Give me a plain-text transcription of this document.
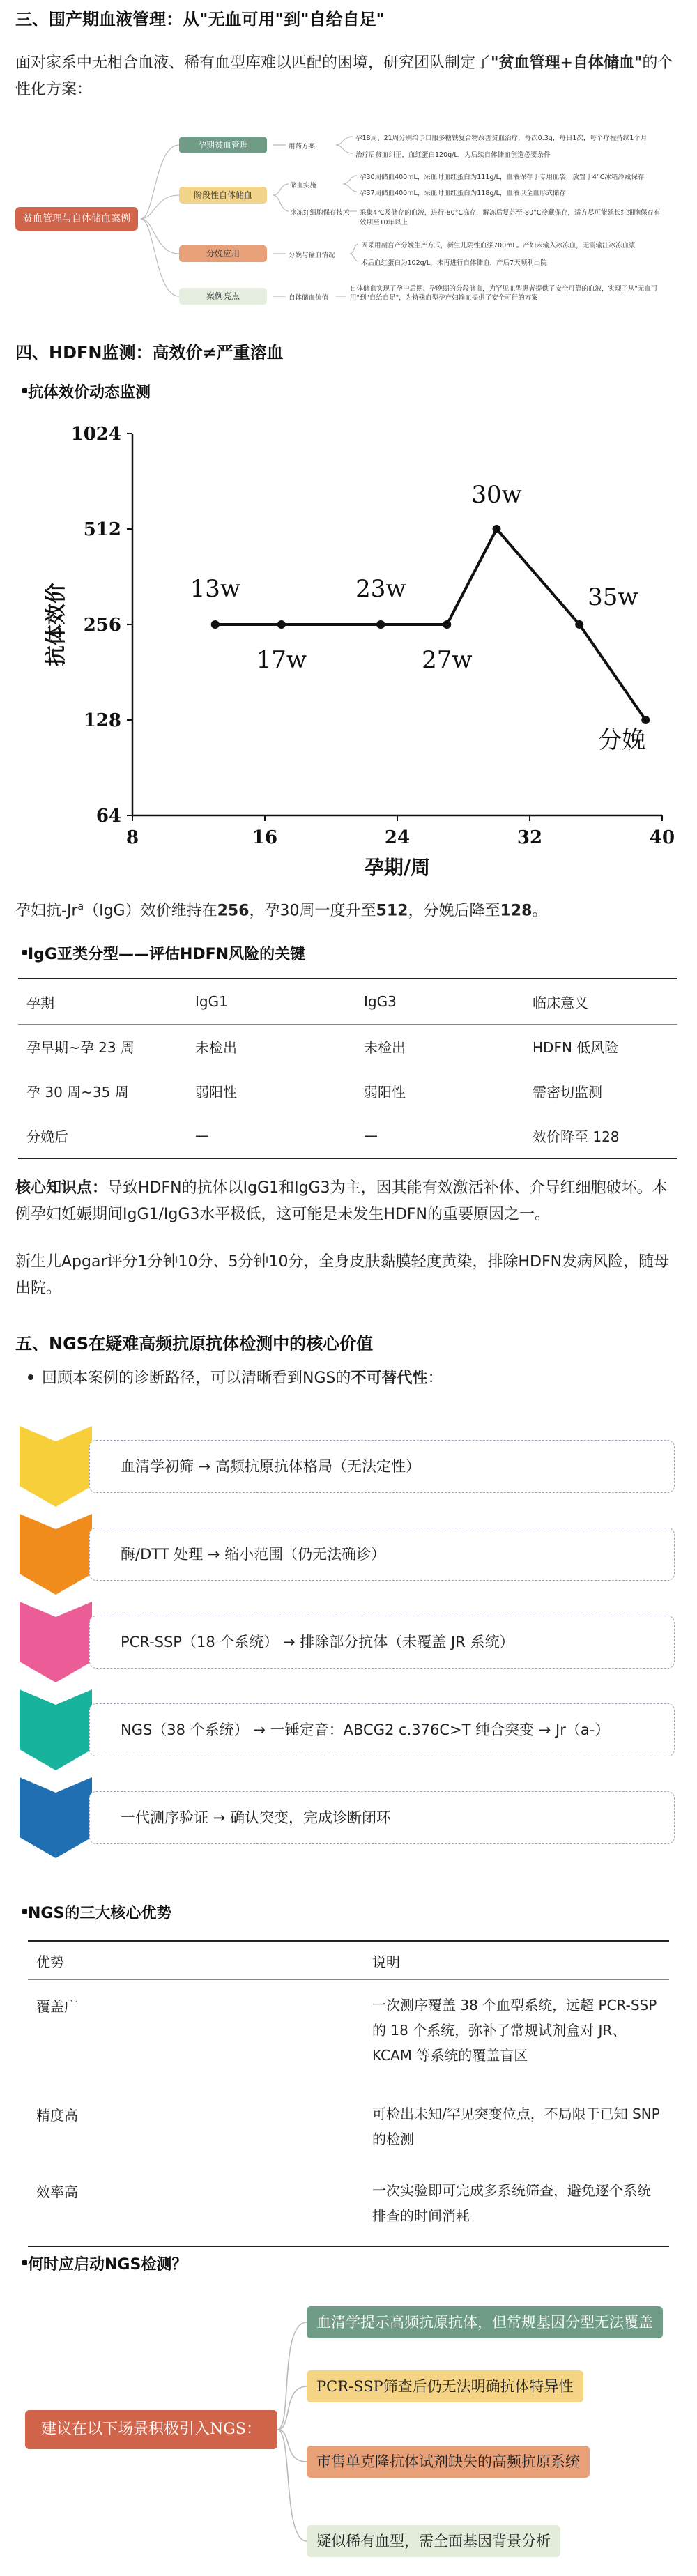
三、围产期血液管理：从"无血可用"到"自给自足"
面对家系中无相合血液、稀有血型库难以匹配的困境，研究团队制定了"贫血管理+自体储血"的个性化方案：
贫血管理与自体储血案例
孕期贫血管理
阶段性自体储血
分娩应用
案例亮点
用药方案
储血实施
冰冻红细胞保存技术
分娩与输血情况
自体储血价值
孕18周、21周分别给予口服多糖铁复合物改善贫血治疗，每次0.3g，每日1次，每个疗程持续1个月
治疗后贫血纠正，血红蛋白120g/L，为后续自体储血创造必要条件
孕30周储血400mL，采血时血红蛋白为111g/L，血液保存于专用血袋，放置于4°C冰箱冷藏保存
孕37周储血400mL，采血时血红蛋白为118g/L，血液以全血形式储存
采集4℃及储存的血液，进行-80°C冻存，解冻后复苏至-80°C冷藏保存，适方尽可能延长红细胞保存有效期至10年以上
因采用剖宫产分娩生产方式，新生儿阴性血浆700mL。产妇未输入冰冻血，无需输注冰冻血浆
术后血红蛋白为102g/L，未再进行自体储血，产后7天顺利出院
自体储血实现了孕中后期、孕晚期的分段储血，为罕见血型患者提供了安全可靠的血液，实现了从"无血可用"到"自给自足"，为特殊血型孕产妇输血提供了安全可行的方案
四、HDFN监测：高效价≠严重溶血
抗体效价动态监测
8	16	24	32	40
64
128
256
512
1024
孕期/周
抗体效价	13w
17w
23w
27w
30w
35w
分娩
孕妇抗-Jr$^a$（IgG）效价维持在256，孕30周一度升至512，分娩后降至128。
IgG亚类分型——评估HDFN风险的关键
孕期	IgG1	IgG3	临床意义
孕早期~孕 23 周	未检出	未检出	HDFN 低风险
孕 30 周~35 周	弱阳性	弱阳性	需密切监测
分娩后	—	—	效价降至 128
核心知识点：导致HDFN的抗体以IgG1和IgG3为主，因其能有效激活补体、介导红细胞破坏。本例孕妇妊娠期间IgG1/IgG3水平极低，这可能是未发生HDFN的重要原因之一。
新生儿Apgar评分1分钟10分、5分钟10分，全身皮肤黏膜轻度黄染，排除HDFN发病风险，随母出院。
五、NGS在疑难高频抗原抗体检测中的核心价值
回顾本案例的诊断路径，可以清晰看到NGS的不可替代性：
血清学初筛 → 高频抗原抗体格局（无法定性）
酶/DTT 处理 → 缩小范围（仍无法确诊）
PCR-SSP（18 个系统） → 排除部分抗体（未覆盖 JR 系统）
NGS（38 个系统） → 一锤定音：ABCG2 c.376C>T 纯合突变 → Jr（a-）
一代测序验证 → 确认突变，完成诊断闭环
NGS的三大核心优势
优势	说明
覆盖广	一次测序覆盖 38 个血型系统，远超 PCR-SSP 的 18 个系统，弥补了常规试剂盒对 JR、KCAM 等系统的覆盖盲区
精度高	可检出未知/罕见突变位点，不局限于已知 SNP 的检测
效率高	一次实验即可完成多系统筛查，避免逐个系统排查的时间消耗
何时应启动NGS检测？
建议在以下场景积极引入NGS：
血清学提示高频抗原抗体，但常规基因分型无法覆盖
PCR-SSP筛查后仍无法明确抗体特异性
市售单克隆抗体试剂缺失的高频抗原系统
疑似稀有血型，需全面基因背景分析
